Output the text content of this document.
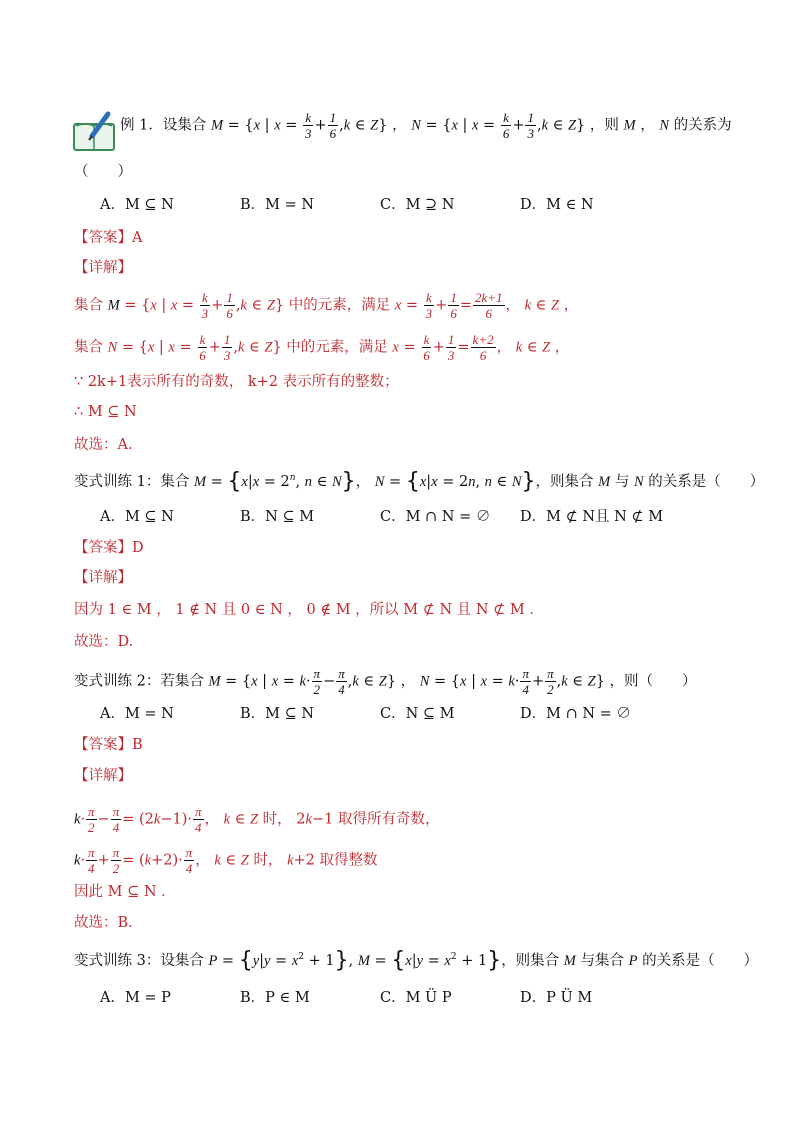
例 1．设集合 M = {x | $x = \frac{k}{3} + \frac{1}{6} ,k$ ∈ Z} ， N = {x | $x = \frac{k}{6} + \frac{1}{3} ,k$ ∈ Z} ，则 M ， N 的关系为
（　　）
A．M ⊆ N	B．M = N	C．M ⊇ N	D．M ∈ N
【答案】A
【详解】
集合 M = {x | $x = \frac{k}{3} + \frac{1}{6} ,k$ ∈ Z} 中的元素，满足 $x = \frac{k}{3} + \frac{1}{6} = \frac{2k+1}{6}$ ， k ∈ Z ，
集合 N = {x | $x = \frac{k}{6} + \frac{1}{3} ,k$ ∈ Z} 中的元素，满足 $x = \frac{k}{6} + \frac{1}{3} = \frac{k+2}{6}$ ， k ∈ Z ，
∵ 2k+1表示所有的奇数， k+2 表示所有的整数；
∴ M ⊆ N
故选：A.
变式训练 1：集合 $M = \{x|x = 2^n$, n ∈ N}， N = {x|x = 2n, n ∈ N}，则集合 M 与 N 的关系是（　　）
A．M ⊆ N	B．N ⊆ M	C．M ∩ N = ∅ D．M ⊄ N且 N ⊄ M
【答案】D
【详解】
因为 1 ∈ M ， 1 ∉ N 且 0 ∈ N ， 0 ∉ M ，所以 M ⊄ N 且 N ⊄ M ．
故选：D.
变式训练 2：若集合 M = {x | $x = k\cdot \frac{\pi}{2} - \frac{\pi}{4} ,k$ ∈ Z} ， N = {x | $x = k\cdot \frac{\pi}{4} + \frac{\pi}{2} ,k$ ∈ Z} ，则（　　）
A．M = N	B．M ⊆ N	C．N ⊆ M	D．M ∩ N = ∅
【答案】B
【详解】
$k\cdot \frac{\pi}{2} - \frac{\pi}{4} = (2k-1)\cdot \frac{\pi}{4}$ ， k ∈ Z 时， 2k−1 取得所有奇数，
$k\cdot \frac{\pi}{4} + \frac{\pi}{2} = (k+2)\cdot \frac{\pi}{4}$ ， k ∈ Z 时， k+2 取得整数
因此 M ⊆ N ．
故选：B．
变式训练 3：设集合 $P = \{y|y = x^2 + 1\}$, $M = \{x|y = x^2 + 1\}$，则集合 M 与集合 P 的关系是（　　）
A．M = P	B．P ∈ M	C．M Ü P	D．P Ü M
